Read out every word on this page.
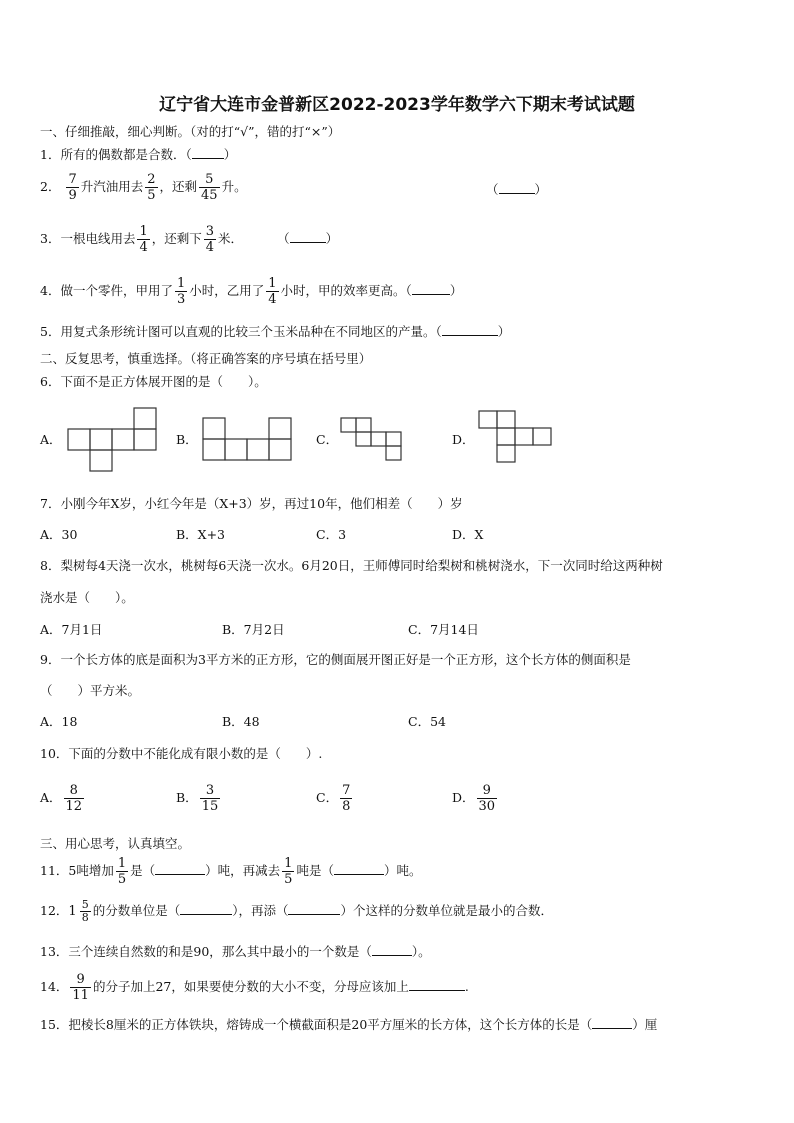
辽宁省大连市金普新区2022-2023学年数学六下期末考试试题
一、仔细推敲，细心判断。（对的打“√”，错的打“×”）
1．所有的偶数都是合数．（	）
2． $\frac{7}{9}$ 升汽油用去 $\frac{2}{5}$ ，还剩 $\frac{5}{45}$ 升。	（	）
3．一根电线用去 $\frac{1}{4}$ ，还剩下 $\frac{3}{4}$ 米．	（	）
4．做一个零件，甲用了 $\frac{1}{3}$ 小时，乙用了 $\frac{1}{4}$ 小时，甲的效率更高。（	）
5．用复式条形统计图可以直观的比较三个玉米品种在不同地区的产量。（	）
二、反复思考，慎重选择。（将正确答案的序号填在括号里）
6．下面不是正方体展开图的是（　　）。
A．	B．	C．	D．
7．小刚今年X岁，小红今年是（X+3）岁，再过10年，他们相差（　　）岁
A．30	B．X+3	C．3	D．X
8．梨树每4天浇一次水，桃树每6天浇一次水。6月20日，王师傅同时给梨树和桃树浇水，下一次同时给这两种树
浇水是（　　）。
A．7月1日	B．7月2日	C．7月14日
9．一个长方体的底是面积为3平方米的正方形，它的侧面展开图正好是一个正方形，这个长方体的侧面积是
（　　）平方米。
A．18	B．48	C．54
10．下面的分数中不能化成有限小数的是（　　）.
A． $\frac{8}{12}$	B． $\frac{3}{15}$	C． $\frac{7}{8}$	D． $\frac{9}{30}$
三、用心思考，认真填空。
11．5吨增加 $\frac{1}{5}$ 是（	）吨，再减去 $\frac{1}{5}$ 吨是（	）吨。
12． $1 \frac{5}{8}$ 的分数单位是（	），再添（	）个这样的分数单位就是最小的合数．
13．三个连续自然数的和是90，那么其中最小的一个数是（	）。
14． $\frac{9}{11}$ 的分子加上27，如果要使分数的大小不变，分母应该加上	.
15．把棱长8厘米的正方体铁块，熔铸成一个横截面积是20平方厘米的长方体，这个长方体的长是（	）厘
